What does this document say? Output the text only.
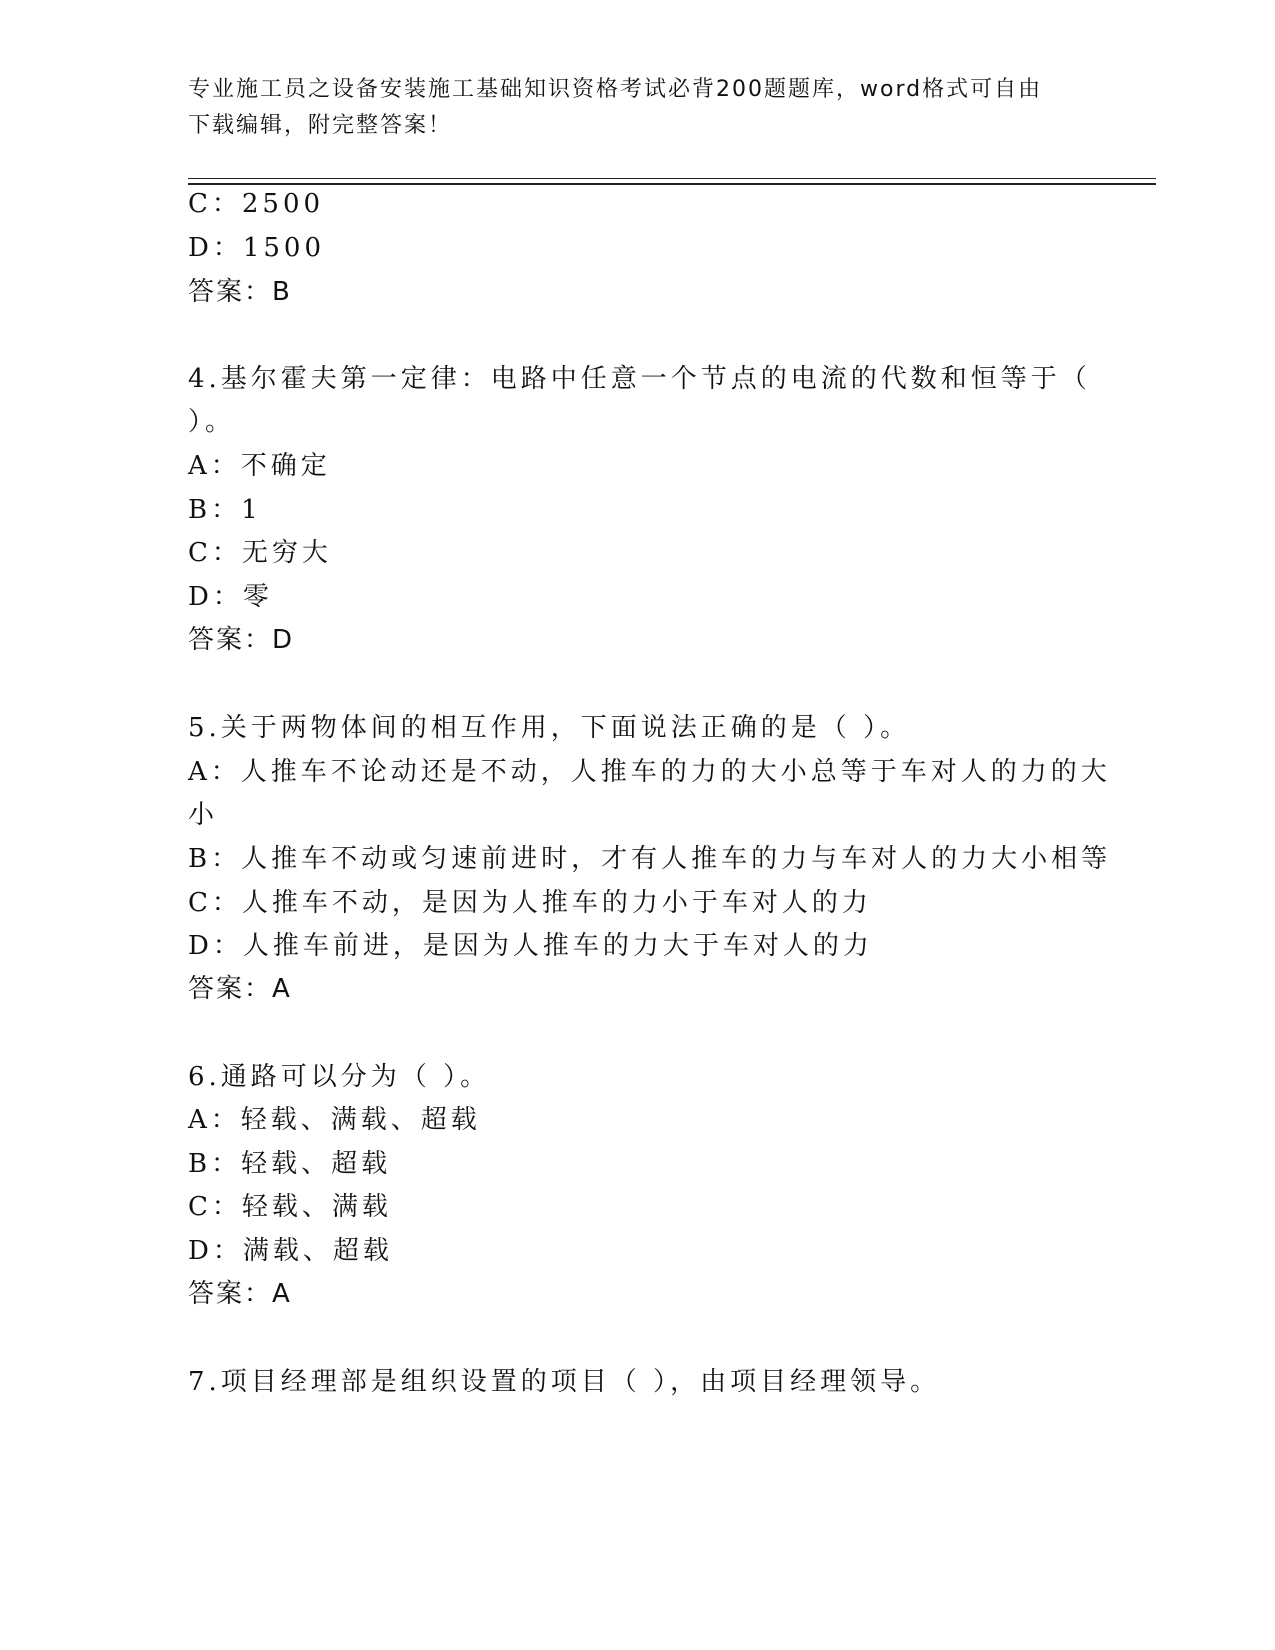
专业施工员之设备安装施工基础知识资格考试必背200题题库，word格式可自由
下载编辑，附完整答案！
C：2500
D：1500
答案：B
4.基尔霍夫第一定律：电路中任意一个节点的电流的代数和恒等于（
）。
A：不确定
B：1
C：无穷大
D：零
答案：D
5.关于两物体间的相互作用，下面说法正确的是（ ）。
A：人推车不论动还是不动，人推车的力的大小总等于车对人的力的大
小
B：人推车不动或匀速前进时，才有人推车的力与车对人的力大小相等
C：人推车不动，是因为人推车的力小于车对人的力
D：人推车前进，是因为人推车的力大于车对人的力
答案：A
6.通路可以分为（ ）。
A：轻载、满载、超载
B：轻载、超载
C：轻载、满载
D：满载、超载
答案：A
7.项目经理部是组织设置的项目（ ），由项目经理领导。
